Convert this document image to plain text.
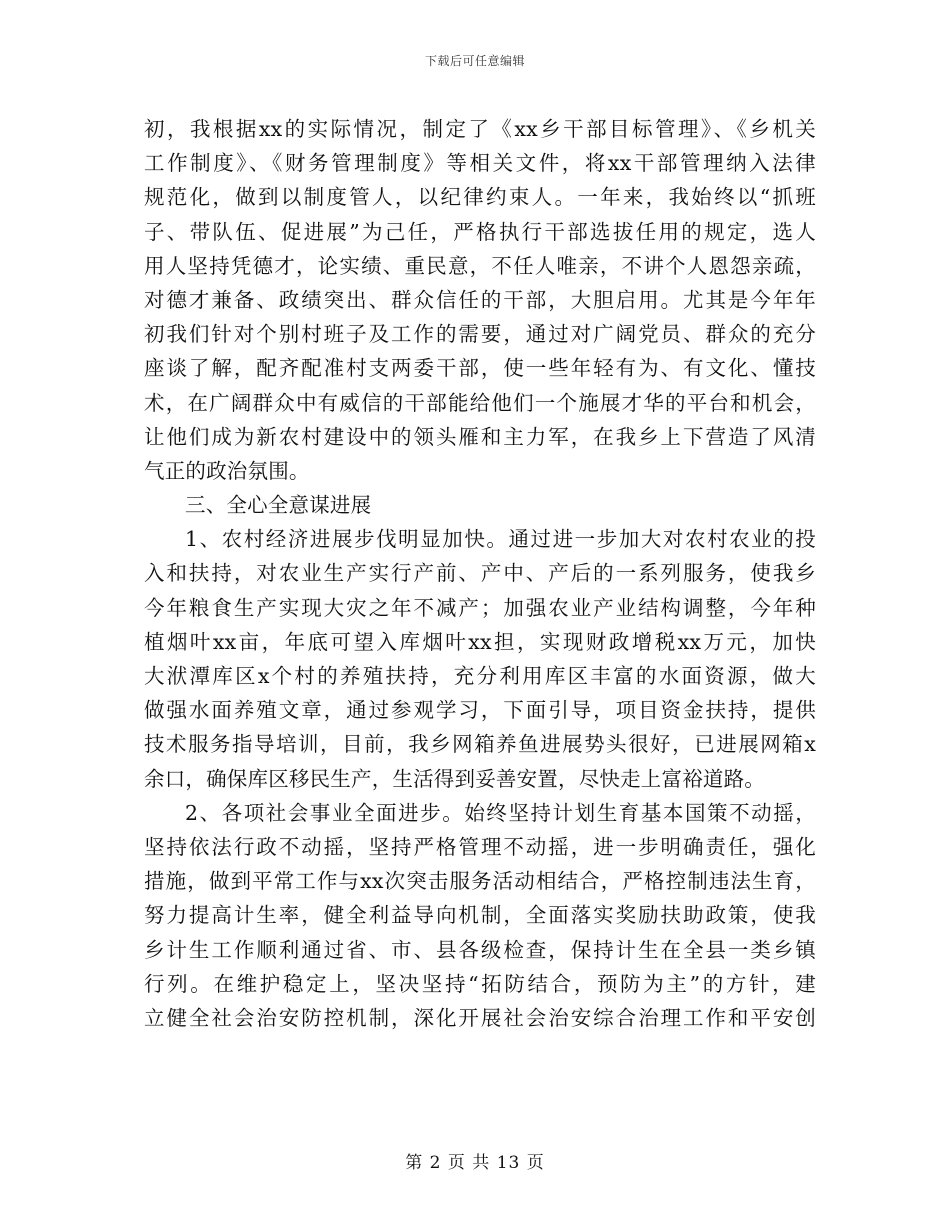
下载后可任意编辑
初，我根据xx的实际情况，制定了《xx乡干部目标管理》、《乡机关
工作制度》、《财务管理制度》等相关文件，将xx干部管理纳入法律
规范化，做到以制度管人，以纪律约束人。一年来，我始终以“抓班
子、带队伍、促进展”为己任，严格执行干部选拔任用的规定，选人
用人坚持凭德才，论实绩、重民意，不任人唯亲，不讲个人恩怨亲疏，
对德才兼备、政绩突出、群众信任的干部，大胆启用。尤其是今年年
初我们针对个别村班子及工作的需要，通过对广阔党员、群众的充分
座谈了解，配齐配准村支两委干部，使一些年轻有为、有文化、懂技
术，在广阔群众中有威信的干部能给他们一个施展才华的平台和机会，
让他们成为新农村建设中的领头雁和主力军，在我乡上下营造了风清
气正的政治氛围。
三、全心全意谋进展
1、农村经济进展步伐明显加快。通过进一步加大对农村农业的投
入和扶持，对农业生产实行产前、产中、产后的一系列服务，使我乡
今年粮食生产实现大灾之年不减产；加强农业产业结构调整，今年种
植烟叶xx亩，年底可望入库烟叶xx担，实现财政增税xx万元，加快
大洑潭库区x个村的养殖扶持，充分利用库区丰富的水面资源，做大
做强水面养殖文章，通过参观学习，下面引导，项目资金扶持，提供
技术服务指导培训，目前，我乡网箱养鱼进展势头很好，已进展网箱x
余口，确保库区移民生产，生活得到妥善安置，尽快走上富裕道路。
2、各项社会事业全面进步。始终坚持计划生育基本国策不动摇，
坚持依法行政不动摇，坚持严格管理不动摇，进一步明确责任，强化
措施，做到平常工作与xx次突击服务活动相结合，严格控制违法生育，
努力提高计生率，健全利益导向机制，全面落实奖励扶助政策，使我
乡计生工作顺利通过省、市、县各级检查，保持计生在全县一类乡镇
行列。在维护稳定上，坚决坚持“拓防结合，预防为主”的方针，建
立健全社会治安防控机制，深化开展社会治安综合治理工作和平安创
第 2 页 共 13 页
